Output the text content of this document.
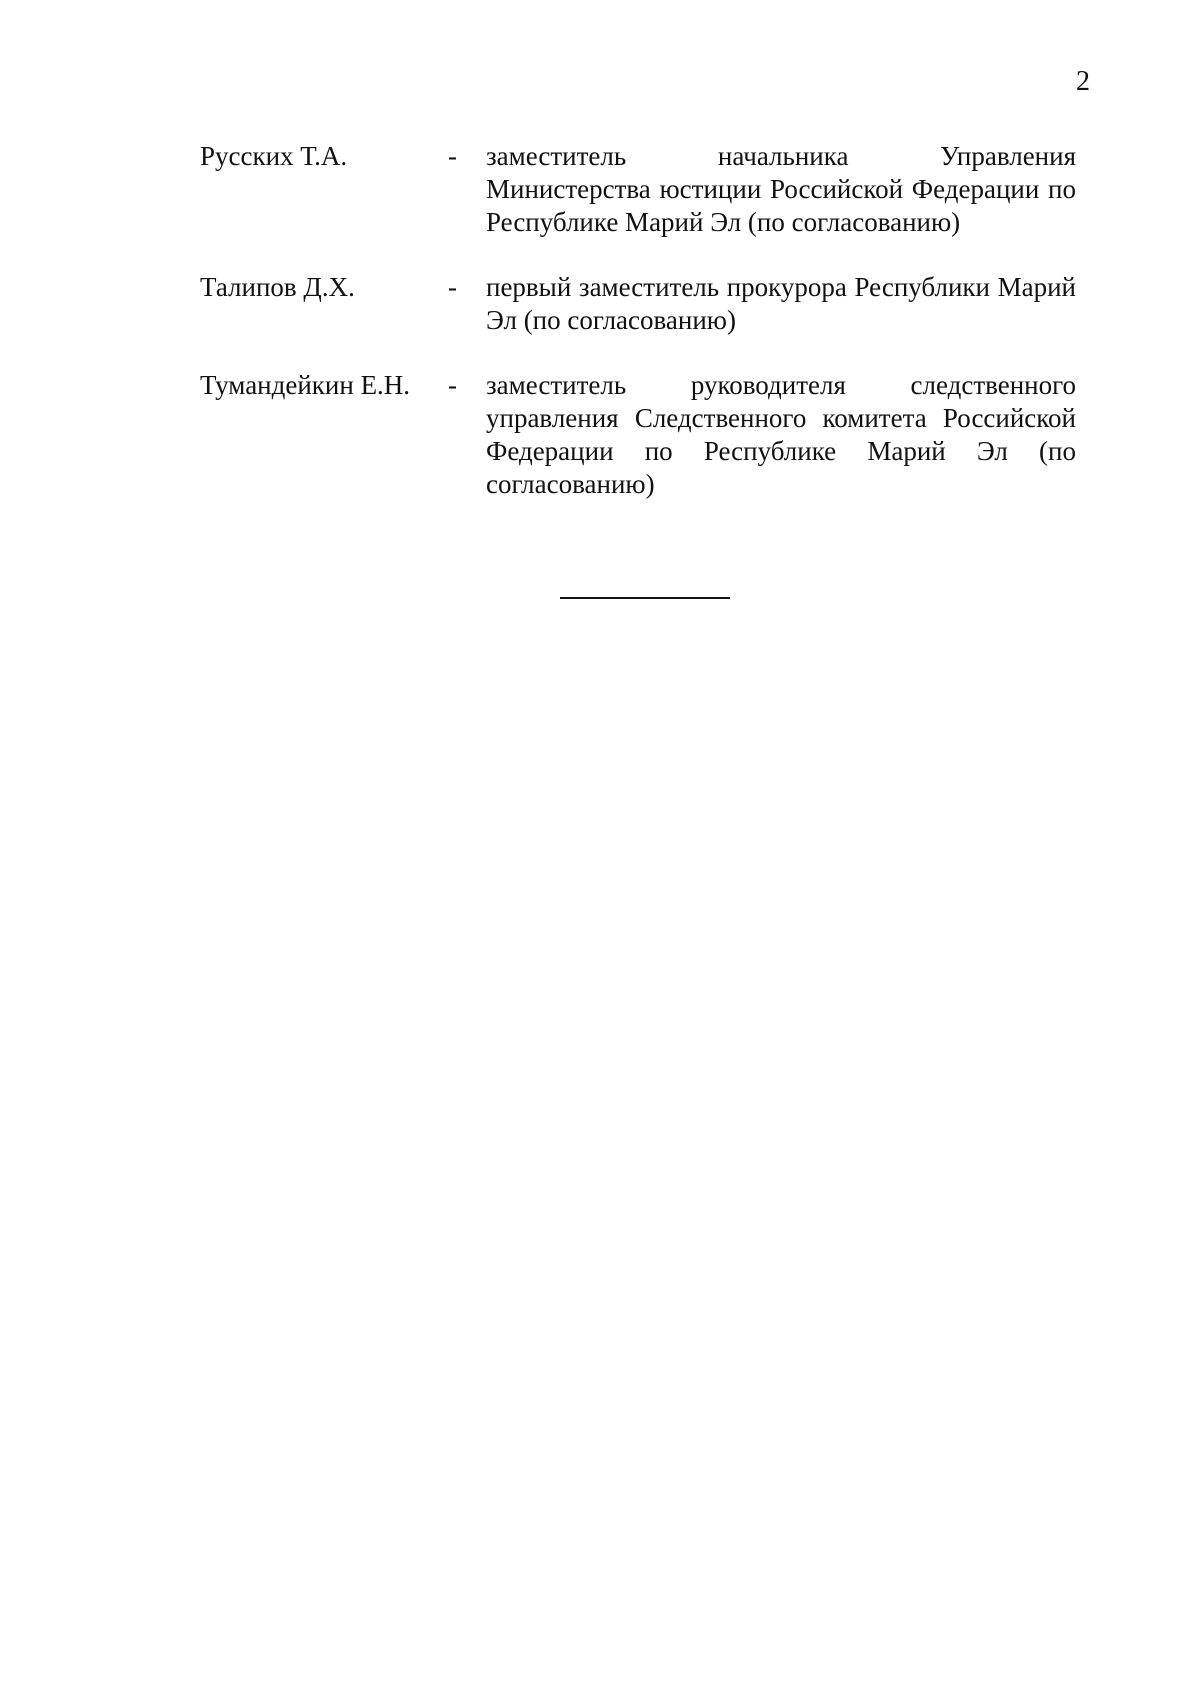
2
Русских Т.А.	-	заместитель начальника Управления Министерства юстиции Российской Федерации по Республике Марий Эл (по согласованию)
Талипов Д.Х.	-	первый заместитель прокурора Республики Марий Эл (по согласованию)
Тумандейкин Е.Н.	-	заместитель руководителя следственного управления Следственного комитета Российской Федерации по Республике Марий Эл (по согласованию)
